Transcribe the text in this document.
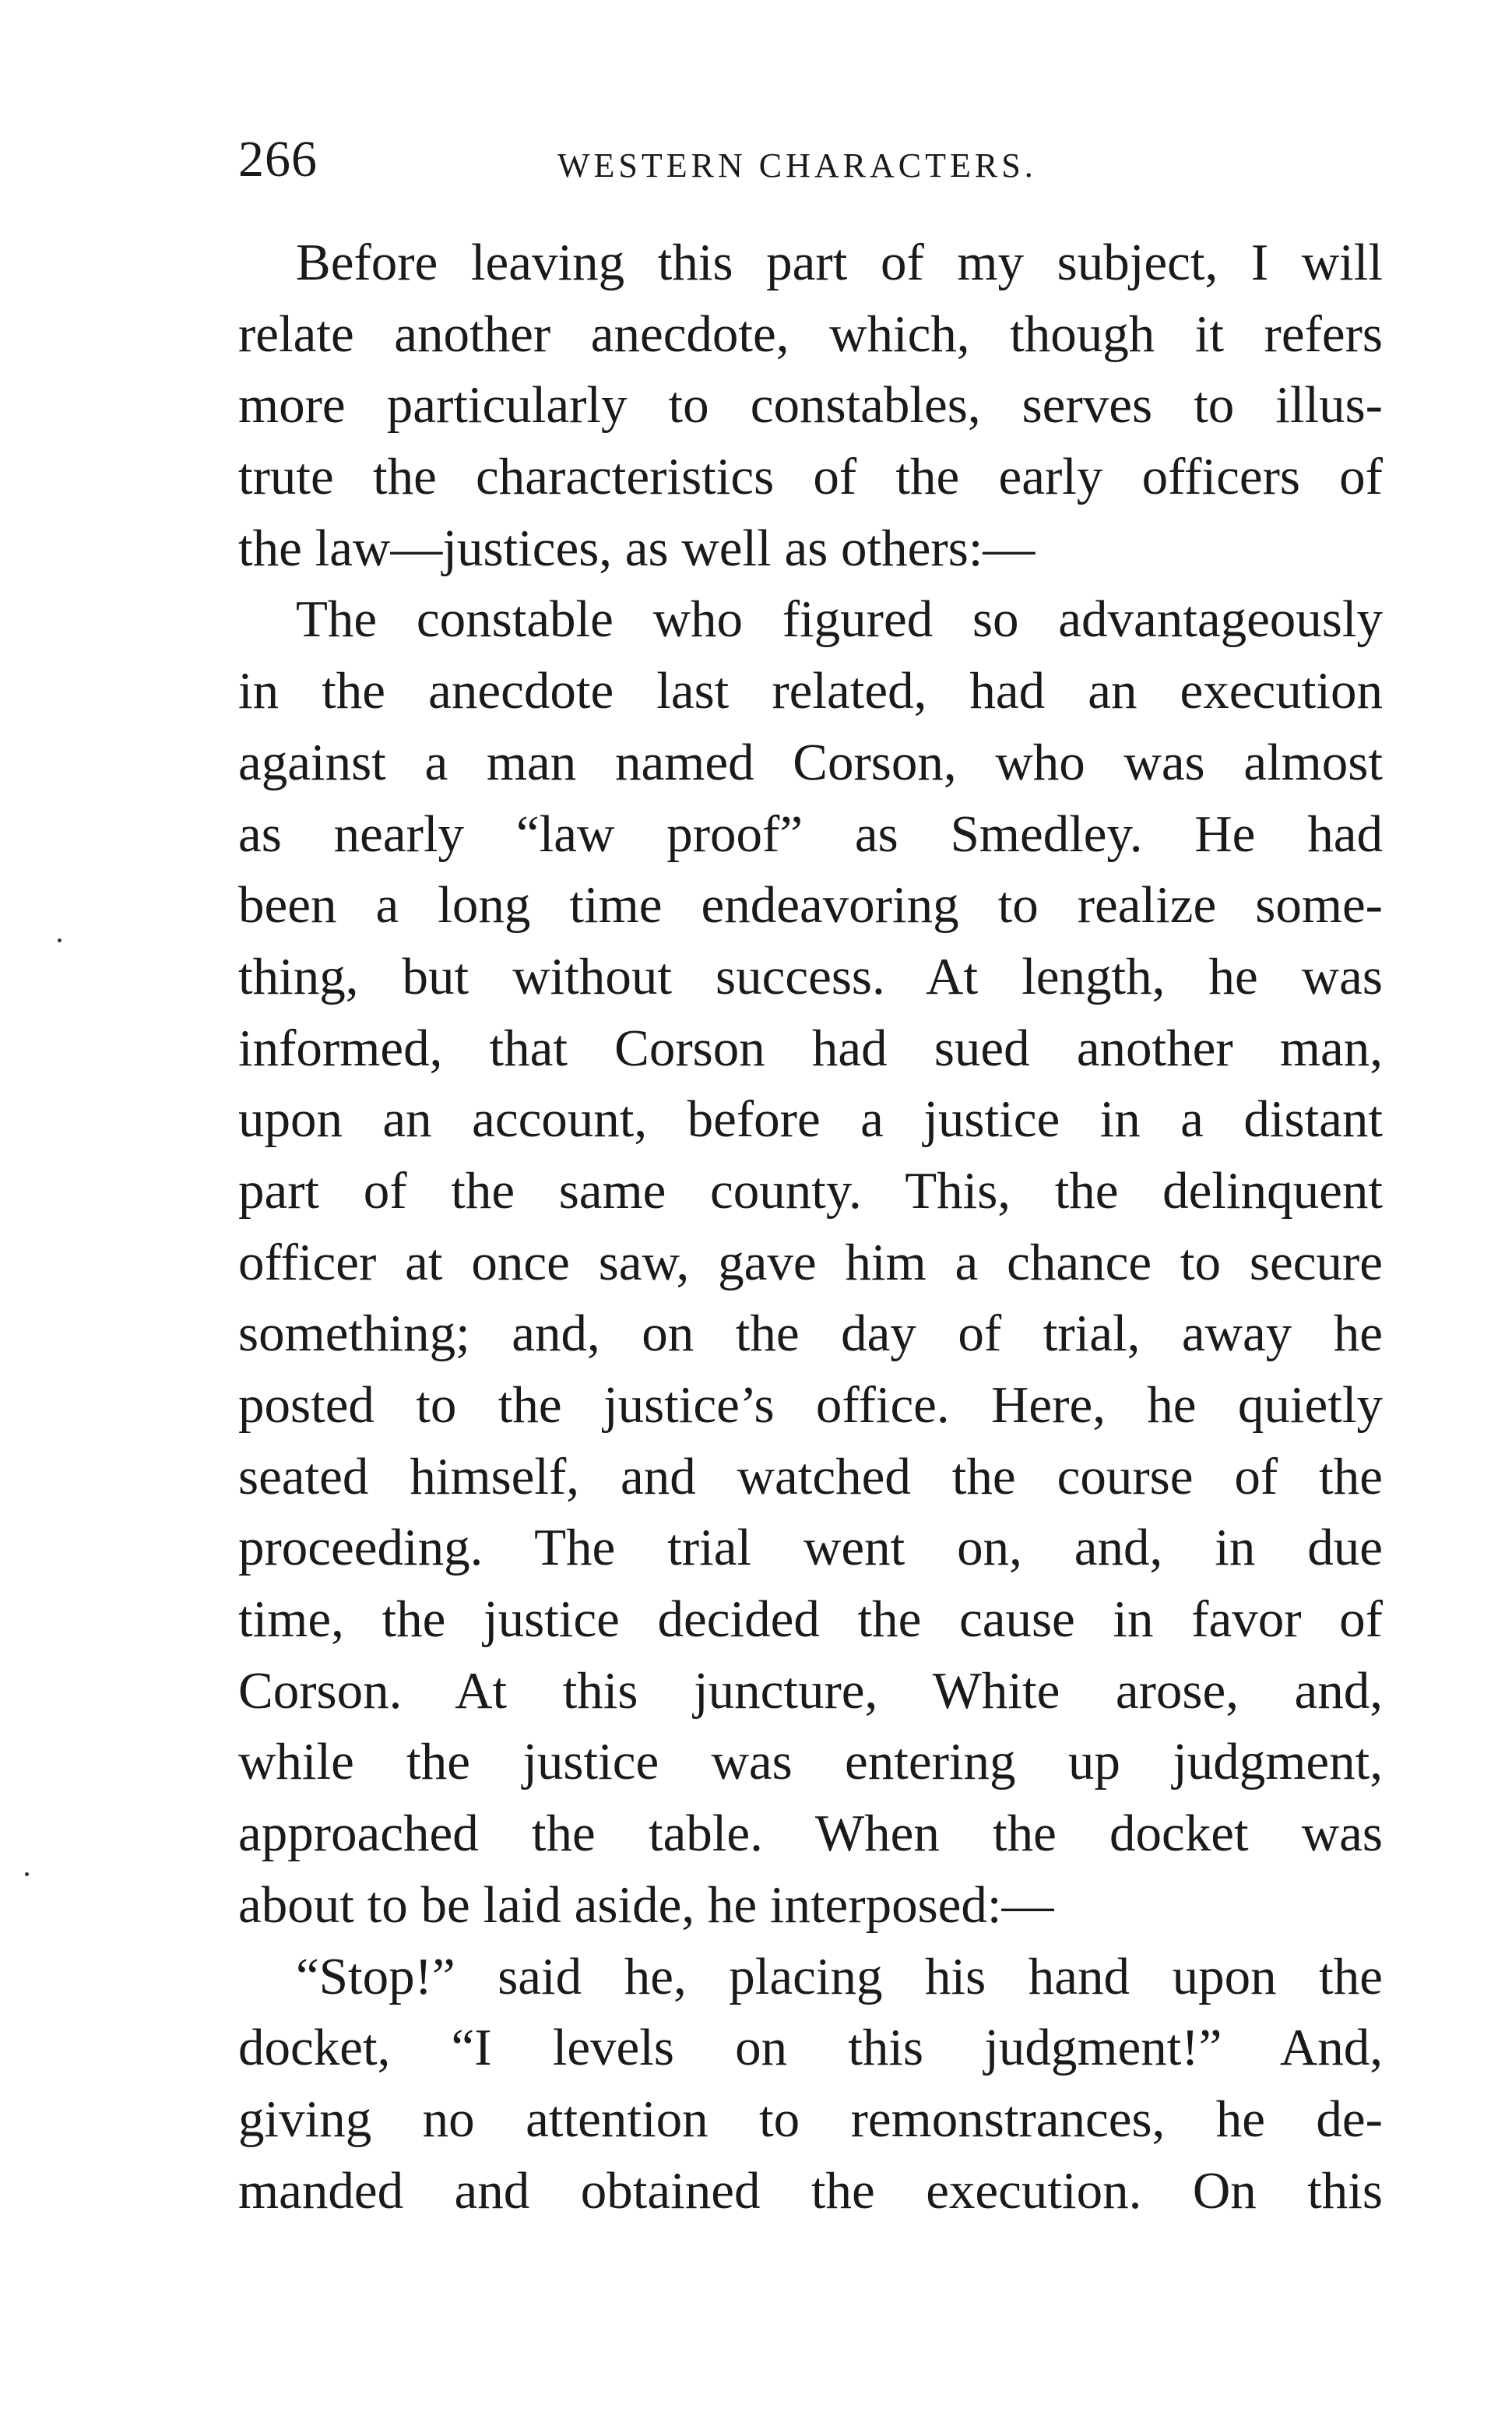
266	WESTERN CHARACTERS.
Before leaving this part of my subject, I will
relate another anecdote, which, though it refers
more particularly to constables, serves to illus-
trute the characteristics of the early officers of
the law—justices, as well as others:—
The constable who figured so advantageously
in the anecdote last related, had an execution
against a man named Corson, who was almost
as nearly “law proof” as Smedley. He had
been a long time endeavoring to realize some-
thing, but without success. At length, he was
informed, that Corson had sued another man,
upon an account, before a justice in a distant
part of the same county. This, the delinquent
officer at once saw, gave him a chance to secure
something; and, on the day of trial, away he
posted to the justice’s office. Here, he quietly
seated himself, and watched the course of the
proceeding. The trial went on, and, in due
time, the justice decided the cause in favor of
Corson. At this juncture, White arose, and,
while the justice was entering up judgment,
approached the table. When the docket was
about to be laid aside, he interposed:—
“Stop!” said he, placing his hand upon the
docket, “I levels on this judgment!” And,
giving no attention to remonstrances, he de-
manded and obtained the execution. On this
